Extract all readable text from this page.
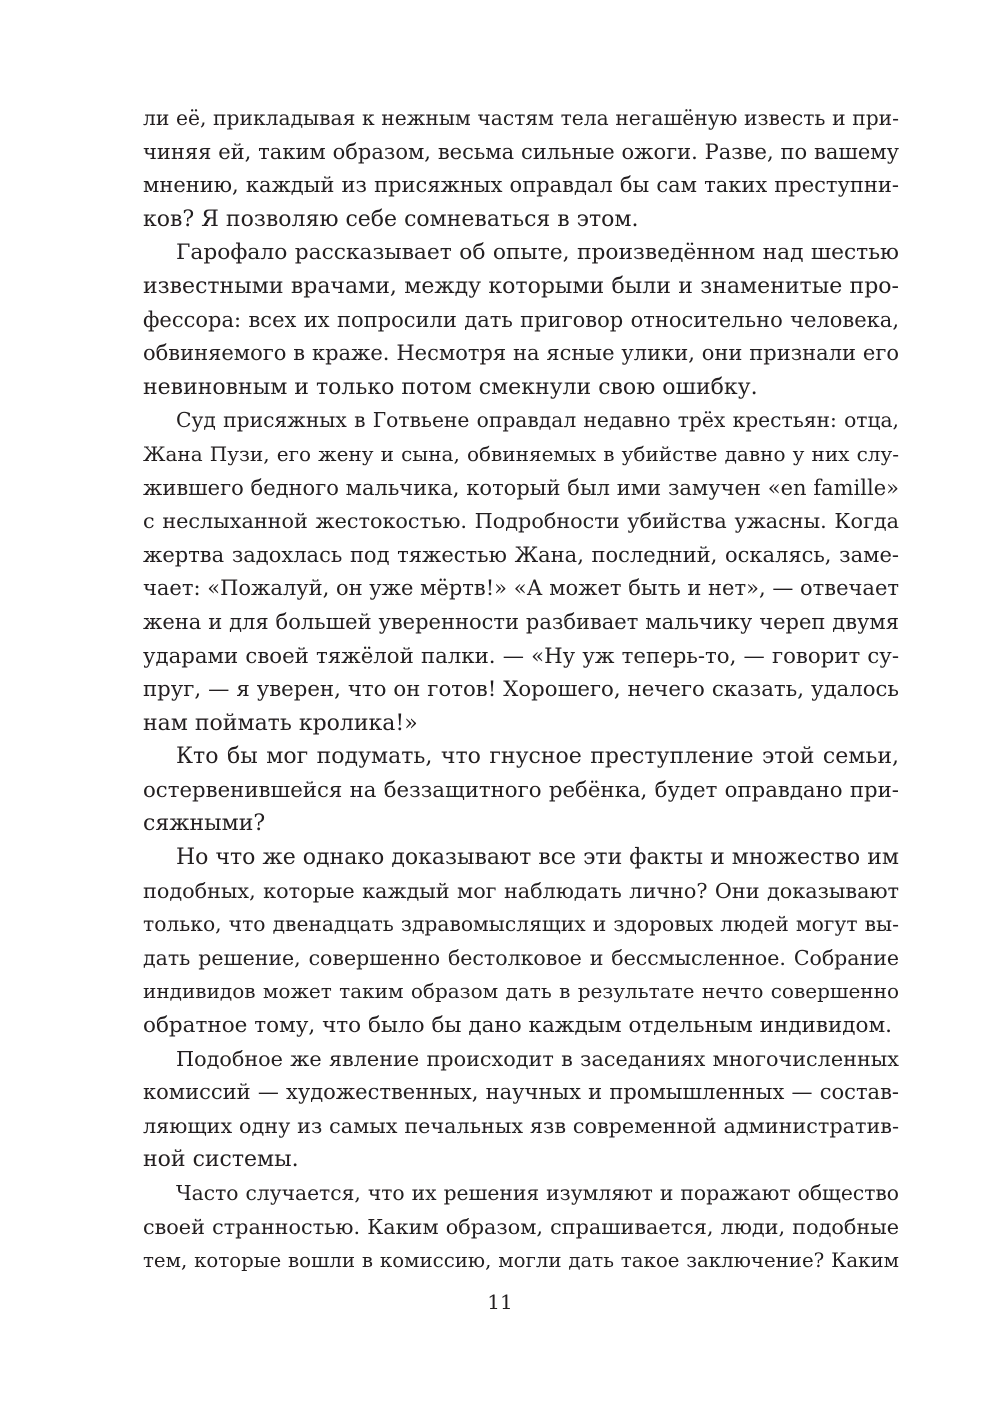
ли её, прикладывая к нежным частям тела негашёную известь и при-
чиняя ей, таким образом, весьма сильные ожоги. Разве, по вашему
мнению, каждый из присяжных оправдал бы сам таких преступни-
ков? Я позволяю себе сомневаться в этом.
Гарофало рассказывает об опыте, произведённом над шестью
известными врачами, между которыми были и знаменитые про-
фессора: всех их попросили дать приговор относительно человека,
обвиняемого в краже. Несмотря на ясные улики, они признали его
невиновным и только потом смекнули свою ошибку.
Суд присяжных в Готвьене оправдал недавно трёх крестьян: отца,
Жана Пузи, его жену и сына, обвиняемых в убийстве давно у них слу-
жившего бедного мальчика, который был ими замучен «en famille»
с неслыханной жестокостью. Подробности убийства ужасны. Когда
жертва задохлась под тяжестью Жана, последний, оскалясь, заме-
чает: «Пожалуй, он уже мёртв!» «А может быть и нет», — отвечает
жена и для большей уверенности разбивает мальчику череп двумя
ударами своей тяжёлой палки. — «Ну уж теперь-то, — говорит су-
пруг, — я уверен, что он готов! Хорошего, нечего сказать, удалось
нам поймать кролика!»
Кто бы мог подумать, что гнусное преступление этой семьи,
остервенившейся на беззащитного ребёнка, будет оправдано при-
сяжными?
Но что же однако доказывают все эти факты и множество им
подобных, которые каждый мог наблюдать лично? Они доказывают
только, что двенадцать здравомыслящих и здоровых людей могут вы-
дать решение, совершенно бестолковое и бессмысленное. Собрание
индивидов может таким образом дать в результате нечто совершенно
обратное тому, что было бы дано каждым отдельным индивидом.
Подобное же явление происходит в заседаниях многочисленных
комиссий — художественных, научных и промышленных — состав-
ляющих одну из самых печальных язв современной административ-
ной системы.
Часто случается, что их решения изумляют и поражают общество
своей странностью. Каким образом, спрашивается, люди, подобные
тем, которые вошли в комиссию, могли дать такое заключение? Каким
11
